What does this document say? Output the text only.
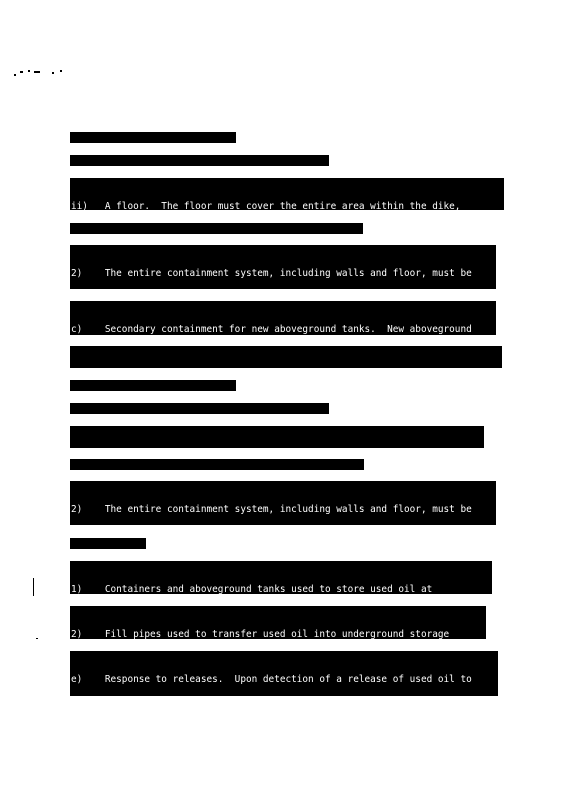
ii)   A floor.  The floor must cover the entire area within the dike,

2)    The entire containment system, including walls and floor, must be

c)    Secondary containment for new aboveground tanks.  New aboveground

2)    The entire containment system, including walls and floor, must be

1)    Containers and aboveground tanks used to store used oil at

2)    Fill pipes used to transfer used oil into underground storage

e)    Response to releases.  Upon detection of a release of used oil to
